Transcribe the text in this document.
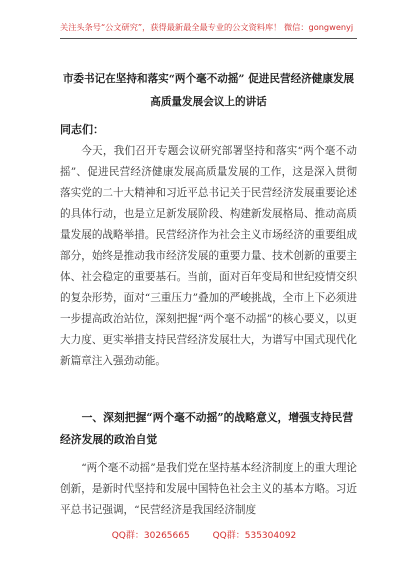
关注头条号“公文研究”，获得最新最全最专业的公文资料库！ 微信：gongwenyj
市委书记在坚持和落实“两个毫不动摇” 促进民营经济健康发展高质量发展会议上的讲话
同志们：
今天，我们召开专题会议研究部署坚持和落实“两个毫不动摇”、促进民营经济健康发展高质量发展的工作，这是深入贯彻落实党的二十大精神和习近平总书记关于民营经济发展重要论述的具体行动，也是立足新发展阶段、构建新发展格局、推动高质量发展的战略举措。民营经济作为社会主义市场经济的重要组成部分，始终是推动我市经济发展的重要力量、技术创新的重要主体、社会稳定的重要基石。当前，面对百年变局和世纪疫情交织的复杂形势，面对“三重压力”叠加的严峻挑战，全市上下必须进一步提高政治站位，深刻把握“两个毫不动摇”的核心要义，以更大力度、更实举措支持民营经济发展壮大，为谱写中国式现代化新篇章注入强劲动能。
一、深刻把握“两个毫不动摇”的战略意义，增强支持民营经济发展的政治自觉
“两个毫不动摇”是我们党在坚持基本经济制度上的重大理论创新，是新时代坚持和发展中国特色社会主义的基本方略。习近平总书记强调，“民营经济是我国经济制度
QQ群：30265665	QQ群：535304092
